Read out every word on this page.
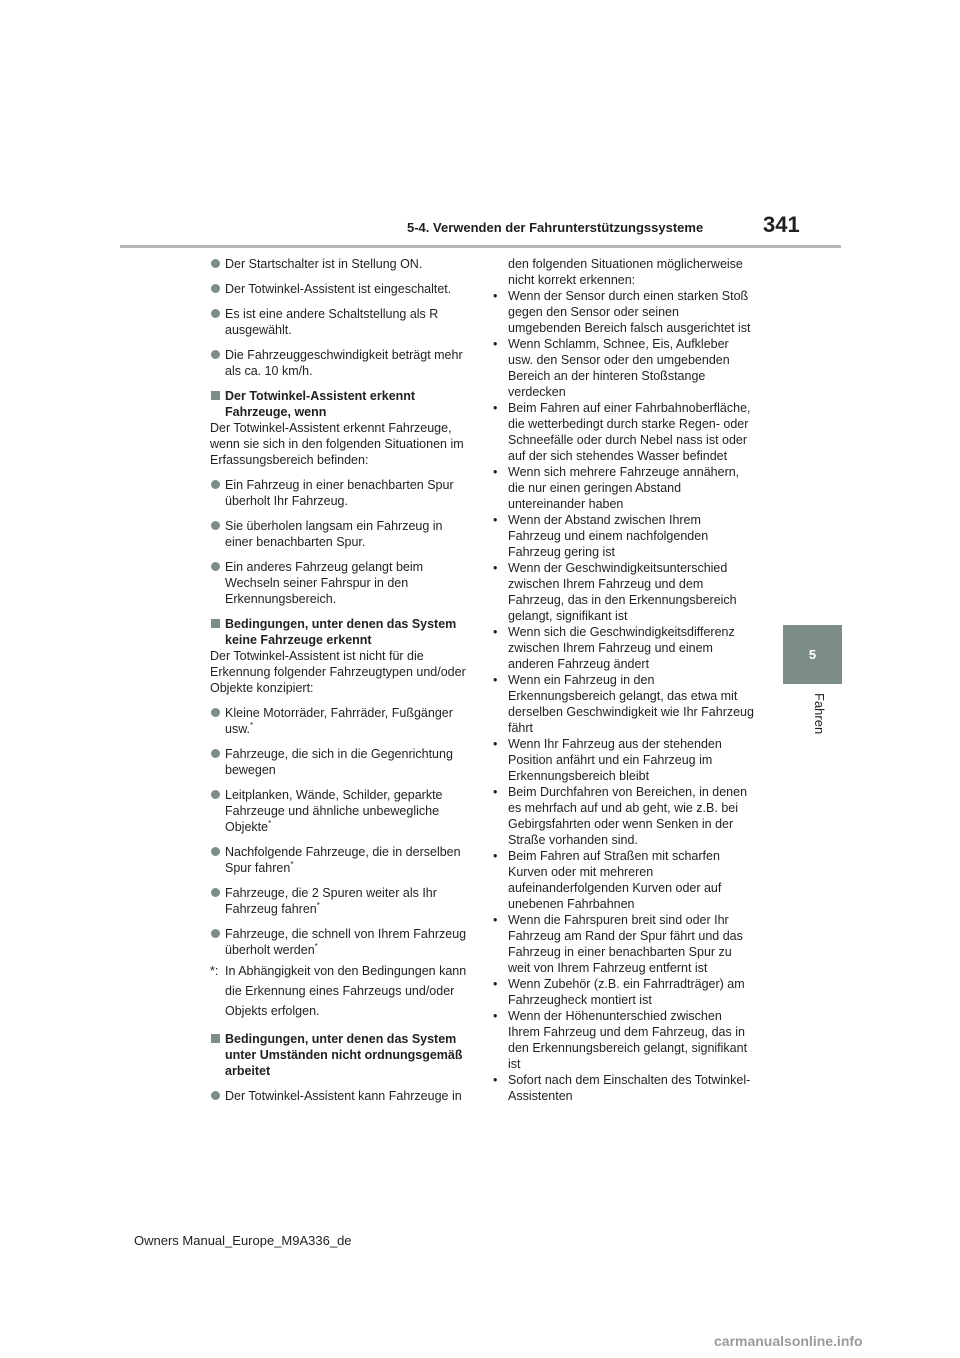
5-4. Verwenden der Fahrunterstützungssysteme	341
5
Fahren
Der Startschalter ist in Stellung ON.
Der Totwinkel-Assistent ist eingeschaltet.
Es ist eine andere Schaltstellung als R ausgewählt.
Die Fahrzeuggeschwindigkeit beträgt mehr als ca. 10 km/h.
Der Totwinkel-Assistent erkennt Fahrzeuge, wenn
Der Totwinkel-Assistent erkennt Fahrzeuge, wenn sie sich in den folgenden Situationen im Erfassungsbereich befinden:
Ein Fahrzeug in einer benachbarten Spur überholt Ihr Fahrzeug.
Sie überholen langsam ein Fahrzeug in einer benachbarten Spur.
Ein anderes Fahrzeug gelangt beim Wechseln seiner Fahrspur in den Erkennungsbereich.
Bedingungen, unter denen das System keine Fahrzeuge erkennt
Der Totwinkel-Assistent ist nicht für die Erkennung folgender Fahrzeugtypen und/oder Objekte konzipiert:
Kleine Motorräder, Fahrräder, Fußgänger usw.*
Fahrzeuge, die sich in die Gegenrichtung bewegen
Leitplanken, Wände, Schilder, geparkte Fahrzeuge und ähnliche unbewegliche Objekte*
Nachfolgende Fahrzeuge, die in derselben Spur fahren*
Fahrzeuge, die 2 Spuren weiter als Ihr Fahrzeug fahren*
Fahrzeuge, die schnell von Ihrem Fahrzeug überholt werden*
*: In Abhängigkeit von den Bedingungen kann die Erkennung eines Fahrzeugs und/oder Objekts erfolgen.
Bedingungen, unter denen das System unter Umständen nicht ordnungsgemäß arbeitet
Der Totwinkel-Assistent kann Fahrzeuge in
den folgenden Situationen möglicherweise nicht korrekt erkennen:
• Wenn der Sensor durch einen starken Stoß gegen den Sensor oder seinen umgebenden Bereich falsch ausgerichtet ist
• Wenn Schlamm, Schnee, Eis, Aufkleber usw. den Sensor oder den umgebenden Bereich an der hinteren Stoßstange verdecken
• Beim Fahren auf einer Fahrbahnoberfläche, die wetterbedingt durch starke Regen- oder Schneefälle oder durch Nebel nass ist oder auf der sich stehendes Wasser befindet
• Wenn sich mehrere Fahrzeuge annähern, die nur einen geringen Abstand untereinander haben
• Wenn der Abstand zwischen Ihrem Fahrzeug und einem nachfolgenden Fahrzeug gering ist
• Wenn der Geschwindigkeitsunterschied zwischen Ihrem Fahrzeug und dem Fahrzeug, das in den Erkennungsbereich gelangt, signifikant ist
• Wenn sich die Geschwindigkeitsdifferenz zwischen Ihrem Fahrzeug und einem anderen Fahrzeug ändert
• Wenn ein Fahrzeug in den Erkennungsbereich gelangt, das etwa mit derselben Geschwindigkeit wie Ihr Fahrzeug fährt
• Wenn Ihr Fahrzeug aus der stehenden Position anfährt und ein Fahrzeug im Erkennungsbereich bleibt
• Beim Durchfahren von Bereichen, in denen es mehrfach auf und ab geht, wie z.B. bei Gebirgsfahrten oder wenn Senken in der Straße vorhanden sind.
• Beim Fahren auf Straßen mit scharfen Kurven oder mit mehreren aufeinanderfolgenden Kurven oder auf unebenen Fahrbahnen
• Wenn die Fahrspuren breit sind oder Ihr Fahrzeug am Rand der Spur fährt und das Fahrzeug in einer benachbarten Spur zu weit von Ihrem Fahrzeug entfernt ist
• Wenn Zubehör (z.B. ein Fahrradträger) am Fahrzeugheck montiert ist
• Wenn der Höhenunterschied zwischen Ihrem Fahrzeug und dem Fahrzeug, das in den Erkennungsbereich gelangt, signifikant ist
• Sofort nach dem Einschalten des Totwinkel-Assistenten
Owners Manual_Europe_M9A336_de
carmanualsonline.info
